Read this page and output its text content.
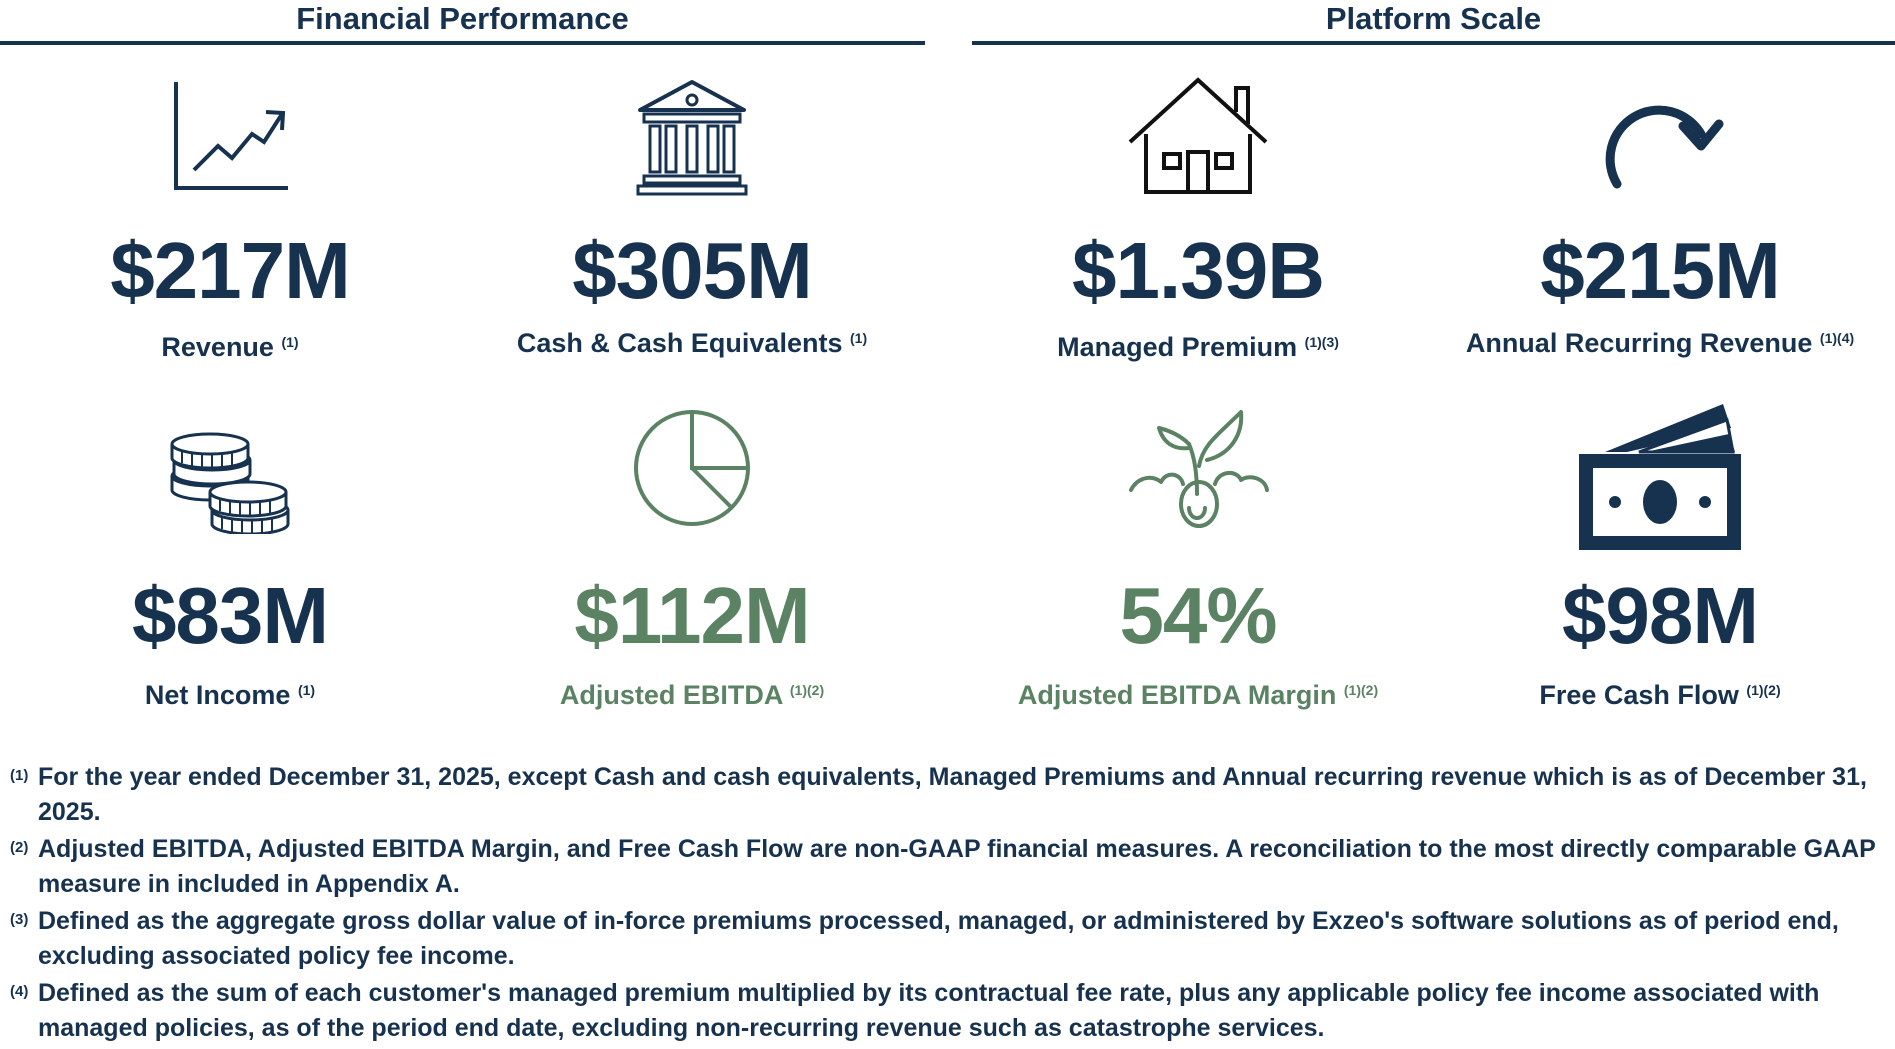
Financial Performance	Platform Scale
$217M
Revenue $^{(1)}$
$305M
Cash & Cash Equivalents $^{(1)}$
$1.39B
Managed Premium $^{(1)(3)}$
$215M
Annual Recurring Revenue $^{(1)(4)}$
$83M
Net Income $^{(1)}$
$112M
Adjusted EBITDA $^{(1)(2)}$
54%
Adjusted EBITDA Margin $^{(1)(2)}$
$98M
Free Cash Flow $^{(1)(2)}$
(1) For the year ended December 31, 2025, except Cash and cash equivalents, Managed Premiums and Annual recurring revenue which is as of December 31, 2025.
(2) Adjusted EBITDA, Adjusted EBITDA Margin, and Free Cash Flow are non-GAAP financial measures. A reconciliation to the most directly comparable GAAP measure in included in Appendix A.
(3) Defined as the aggregate gross dollar value of in-force premiums processed, managed, or administered by Exzeo's software solutions as of period end, excluding associated policy fee income.
(4) Defined as the sum of each customer's managed premium multiplied by its contractual fee rate, plus any applicable policy fee income associated with managed policies, as of the period end date, excluding non-recurring revenue such as catastrophe services.
